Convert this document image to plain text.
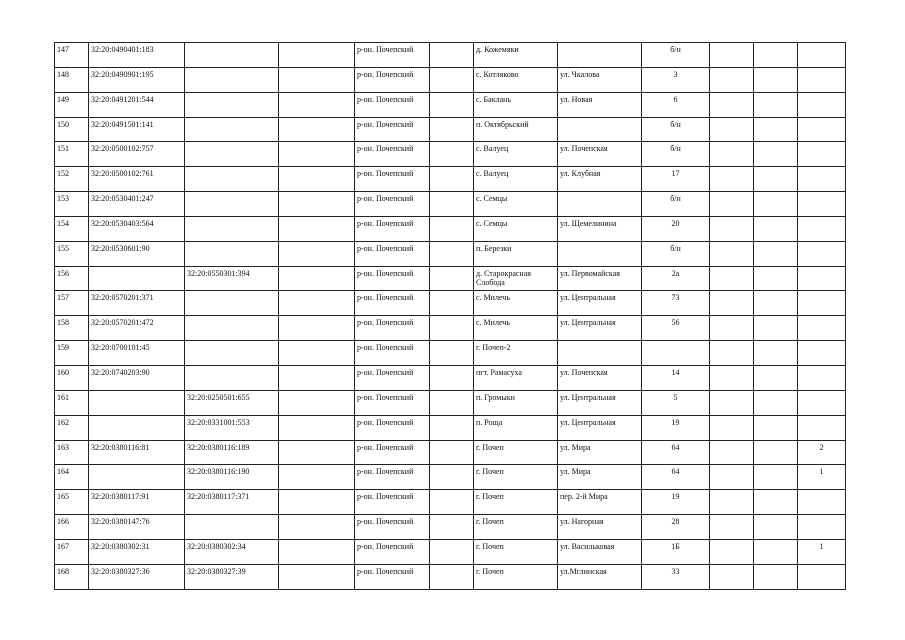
147	32:20:0490401:183			р-он. Почепский		д. Кожемяки		б/н			
148	32:20:0490901:195			р-он. Почепский		с. Котляково	ул. Чкалова	3			
149	32:20:0491201:544			р-он. Почепский		с. Баклань	ул. Новая	6			
150	32:20:0491501:141			р-он. Почепский		п. Октябрьский		б/н			
151	32:20:0500102:757			р-он. Почепский		с. Валуец	ул. Почепская	б/н			
152	32:20:0500102:761			р-он. Почепский		с. Валуец	ул. Клубная	17			
153	32:20:0530401:247			р-он. Почепский		с. Семцы		б/н			
154	32:20:0530403:564			р-он. Почепский		с. Семцы	ул. Щемелинина	20			
155	32:20:0530601:90			р-он. Почепский		п. Березки		б/н			
156		32:20:0550301:394		р-он. Почепский		д. Старокрасная Слобода	ул. Первомайская	2а			
157	32:20:0570201:371			р-он. Почепский		с. Милечь	ул. Центральная	73			
158	32:20:0570201:472			р-он. Почепский		с. Милечь	ул. Центральная	56			
159	32:20:0700101:45			р-он. Почепский		г. Почеп-2					
160	32:20:0740203:90			р-он. Почепский		пгт. Рамасуха	ул. Почепская	14			
161		32:20:0250501:655		р-он. Почепский		п. Громыки	ул. Центральная	5			
162		32:20:0331001:553		р-он. Почепский		п. Роща	ул. Центральная	19			
163	32:20:0380116:81	32:20:0380116:189		р-он. Почепский		г. Почеп	ул. Мира	64			2
164		32:20:0380116:190		р-он. Почепский		г. Почеп	ул. Мира	64			1
165	32:20:0380117:91	32:20:0380117:371		р-он. Почепский		г. Почеп	пер. 2-й Мира	19			
166	32:20:0380147:76			р-он. Почепский		г. Почеп	ул. Нагорная	28			
167	32:20:0380302:31	32:20:0380302:34		р-он. Почепский		г. Почеп	ул. Васильковая	1Б			1
168	32:20:0380327:36	32:20:0380327:39		р-он. Почепский		г. Почеп	ул.Мглинская	33			
